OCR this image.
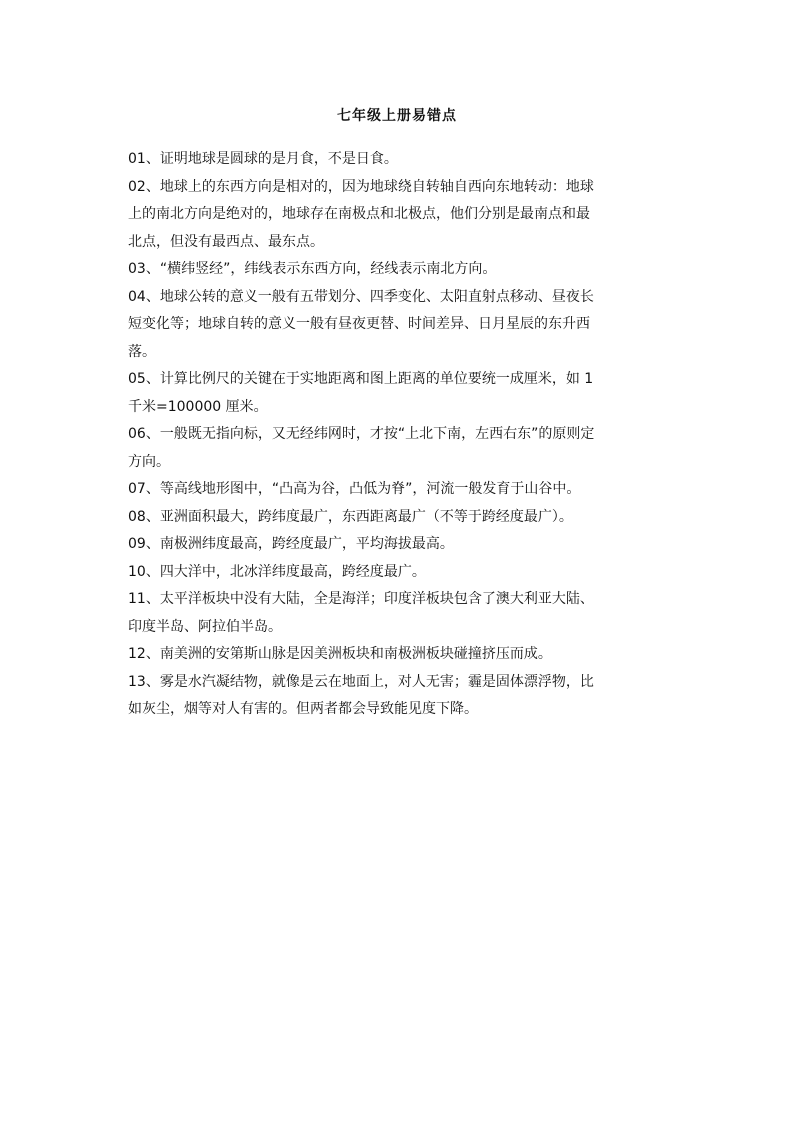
七年级上册易错点
01、证明地球是圆球的是月食，不是日食。
02、地球上的东西方向是相对的，因为地球绕自转轴自西向东地转动：地球
上的南北方向是绝对的，地球存在南极点和北极点，他们分别是最南点和最
北点，但没有最西点、最东点。
03、“横纬竖经”，纬线表示东西方向，经线表示南北方向。
04、地球公转的意义一般有五带划分、四季变化、太阳直射点移动、昼夜长
短变化等；地球自转的意义一般有昼夜更替、时间差异、日月星辰的东升西
落。
05、计算比例尺的关键在于实地距离和图上距离的单位要统一成厘米，如 1
千米=100000 厘米。
06、一般既无指向标，又无经纬网时，才按“上北下南，左西右东”的原则定
方向。
07、等高线地形图中，“凸高为谷，凸低为脊”，河流一般发育于山谷中。
08、亚洲面积最大，跨纬度最广，东西距离最广（不等于跨经度最广）。
09、南极洲纬度最高，跨经度最广，平均海拔最高。
10、四大洋中，北冰洋纬度最高，跨经度最广。
11、太平洋板块中没有大陆，全是海洋；印度洋板块包含了澳大利亚大陆、
印度半岛、阿拉伯半岛。
12、南美洲的安第斯山脉是因美洲板块和南极洲板块碰撞挤压而成。
13、雾是水汽凝结物，就像是云在地面上，对人无害；霾是固体漂浮物，比
如灰尘，烟等对人有害的。但两者都会导致能见度下降。
